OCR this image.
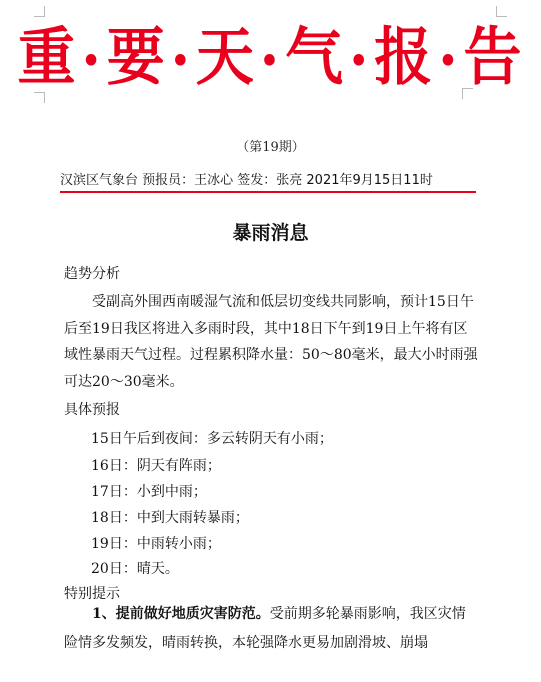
重 •要 •天 •气 •报 •告
（第19期）
汉滨区气象台 预报员：王冰心 签发：张亮 2021年9月15日11时
暴雨消息
趋势分析
受副高外围西南暖湿气流和低层切变线共同影响，预计15日午后至19日我区将进入多雨时段，其中18日下午到19日上午将有区域性暴雨天气过程。过程累积降水量：50～80毫米，最大小时雨强可达20～30毫米。
具体预报
15日午后到夜间：多云转阴天有小雨；
16日：阴天有阵雨；
17日：小到中雨；
18日：中到大雨转暴雨；
19日：中雨转小雨；
20日：晴天。
特别提示
1、提前做好地质灾害防范。受前期多轮暴雨影响，我区灾情险情多发频发，晴雨转换，本轮强降水更易加剧滑坡、崩塌
